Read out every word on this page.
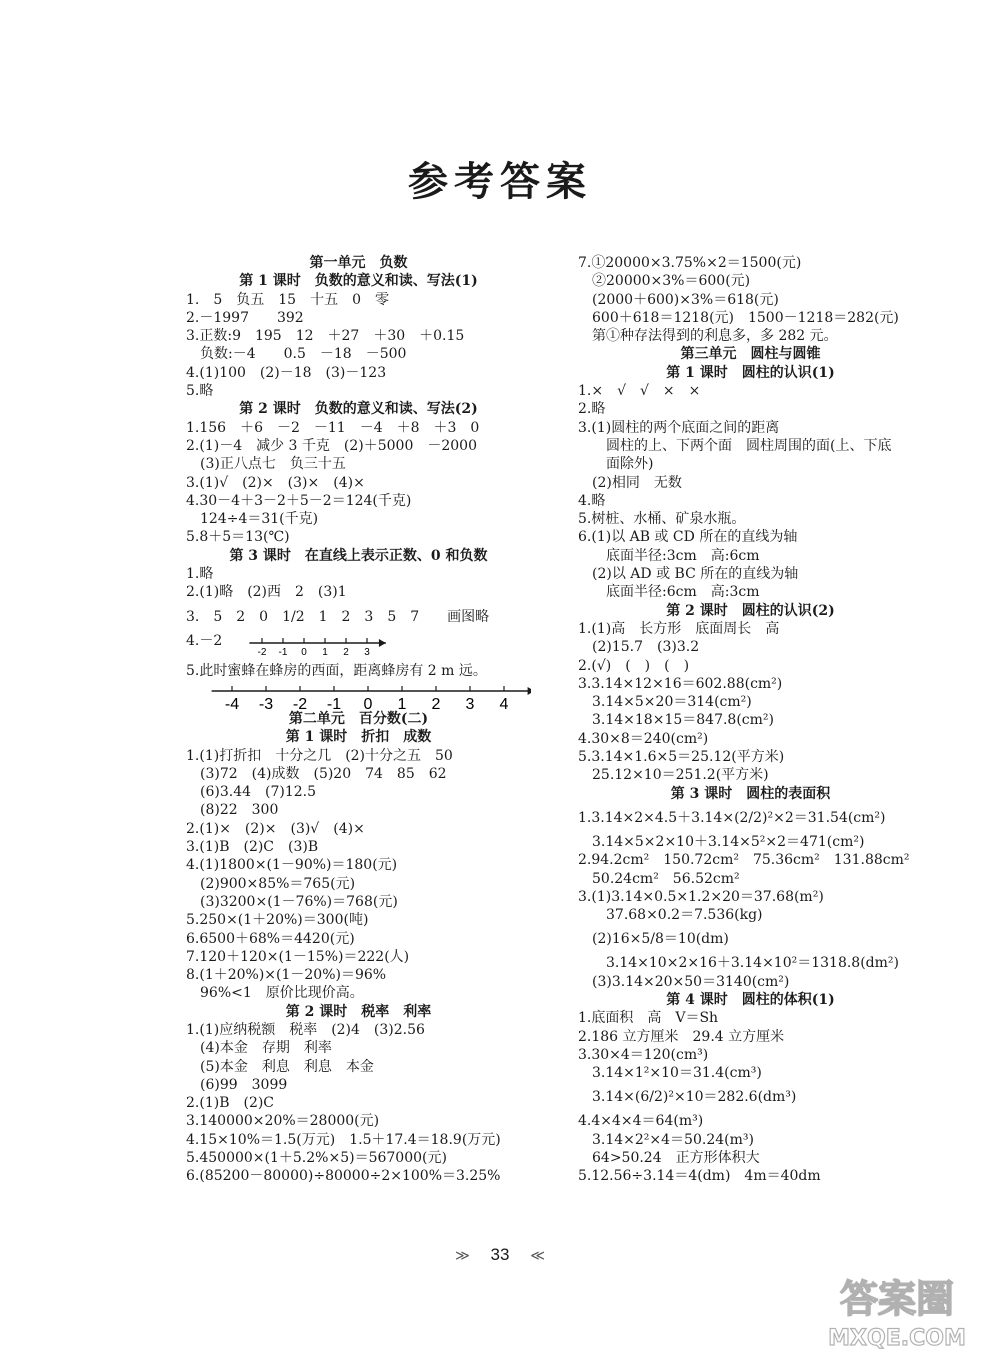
参考答案
第一单元　负数
第 1 课时　负数的意义和读、写法(1)
1.　5　负五　15　十五　0　零
2.－1997　　392
3.正数:9　195　12　＋27　＋30　＋0.15
　负数:－4　　0.5　－18　－500
4.(1)100　(2)－18　(3)－123
5.略
第 2 课时　负数的意义和读、写法(2)
1.156　＋6　－2　－11　－4　＋8　＋3　0
2.(1)－4　减少 3 千克　(2)＋5000　－2000
　(3)正八点七　负三十五
3.(1)√　(2)×　(3)×　(4)×
4.30－4＋3－2＋5－2＝124(千克)
　124÷4＝31(千克)
5.8＋5＝13(℃)
第 3 课时　在直线上表示正数、0 和负数
1.略
2.(1)略　(2)西　2　(3)1
3.　5　2　0　1/2　1　2　3　5　7　　画图略
4.－2
-2 -1 0 1 2 3
5.此时蜜蜂在蜂房的西面，距离蜂房有 2 m 远。
-4 -3 -2 -1 0 1 2 3 4
第二单元　百分数(二)
第 1 课时　折扣　成数
1.(1)打折扣　十分之几　(2)十分之五　50
　(3)72　(4)成数　(5)20　74　85　62
　(6)3.44　(7)12.5
　(8)22　300
2.(1)×　(2)×　(3)√　(4)×
3.(1)B　(2)C　(3)B
4.(1)1800×(1－90%)＝180(元)
　(2)900×85%＝765(元)
　(3)3200×(1－76%)＝768(元)
5.250×(1＋20%)＝300(吨)
6.6500＋68%＝4420(元)
7.120＋120×(1－15%)＝222(人)
8.(1＋20%)×(1－20%)＝96%
　96%<1　原价比现价高。
第 2 课时　税率　利率
1.(1)应纳税额　税率　(2)4　(3)2.56
　(4)本金　存期　利率
　(5)本金　利息　利息　本金
　(6)99　3099
2.(1)B　(2)C
3.140000×20%＝28000(元)
4.15×10%＝1.5(万元)　1.5＋17.4＝18.9(万元)
5.450000×(1＋5.2%×5)＝567000(元)
6.(85200－80000)÷80000÷2×100%＝3.25%
7.①20000×3.75%×2＝1500(元)
　②20000×3%＝600(元)
　(2000＋600)×3%＝618(元)
　600＋618＝1218(元)　1500－1218＝282(元)
　第①种存法得到的利息多，多 282 元。
第三单元　圆柱与圆锥
第 1 课时　圆柱的认识(1)
1.×　√　√　×　×
2.略
3.(1)圆柱的两个底面之间的距离
　　圆柱的上、下两个面　圆柱周围的面(上、下底
　　面除外)
　(2)相同　无数
4.略
5.树桩、水桶、矿泉水瓶。
6.(1)以 AB 或 CD 所在的直线为轴
　　底面半径:3cm　高:6cm
　(2)以 AD 或 BC 所在的直线为轴
　　底面半径:6cm　高:3cm
第 2 课时　圆柱的认识(2)
1.(1)高　长方形　底面周长　高
　(2)15.7　(3)3.2
2.(√)　(　)　(　)
3.3.14×12×16＝602.88(cm²)
　3.14×5×20＝314(cm²)
　3.14×18×15＝847.8(cm²)
4.30×8＝240(cm²)
5.3.14×1.6×5＝25.12(平方米)
　25.12×10＝251.2(平方米)
第 3 课时　圆柱的表面积
1.3.14×2×4.5＋3.14×(2/2)²×2＝31.54(cm²)
　3.14×5×2×10＋3.14×5²×2＝471(cm²)
2.94.2cm²　150.72cm²　75.36cm²　131.88cm²
　50.24cm²　56.52cm²
3.(1)3.14×0.5×1.2×20＝37.68(m²)
　　37.68×0.2＝7.536(kg)
　(2)16×5/8＝10(dm)
　　3.14×10×2×16＋3.14×10²＝1318.8(dm²)
　(3)3.14×20×50＝3140(cm²)
第 4 课时　圆柱的体积(1)
1.底面积　高　V＝Sh
2.186 立方厘米　29.4 立方厘米
3.30×4＝120(cm³)
　3.14×1²×10＝31.4(cm³)
　3.14×(6/2)²×10＝282.6(dm³)
4.4×4×4＝64(m³)
　3.14×2²×4＝50.24(m³)
　64>50.24　正方形体积大
5.12.56÷3.14＝4(dm)　4m＝40dm
≫ 33 ≪
答案圈
MXQE.COM
